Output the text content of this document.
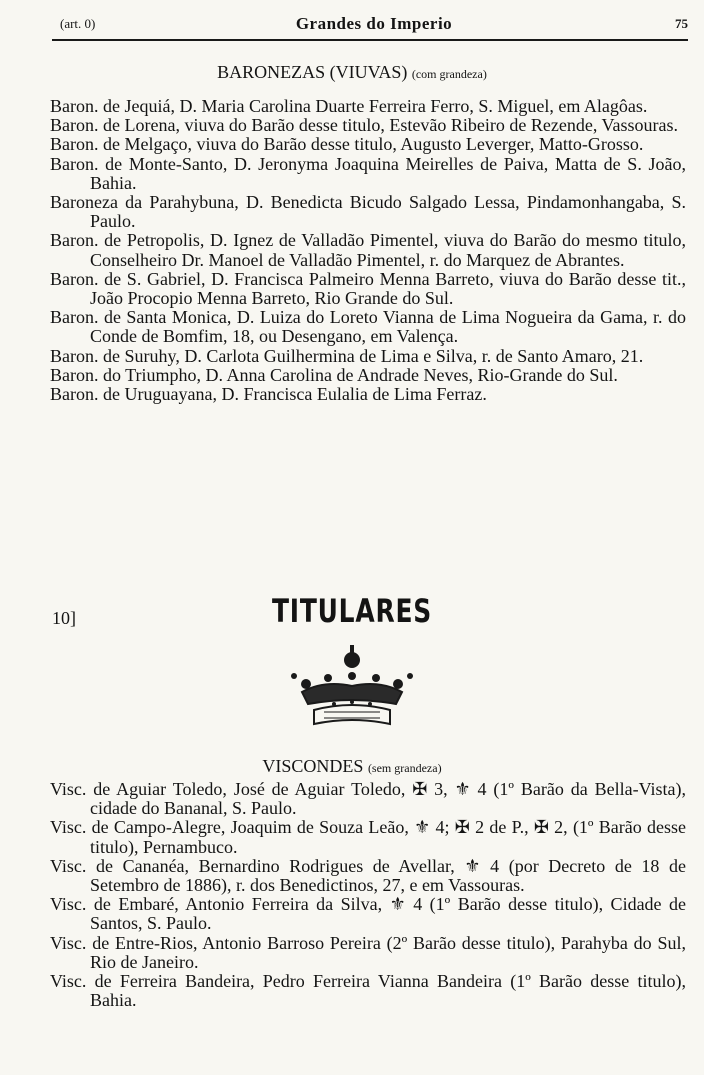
(art. 0)	Grandes do Imperio	75
BARONEZAS (VIUVAS) (com grandeza)

Baron. de Jequiá, D. Maria Carolina Duarte Ferreira Ferro, S. Miguel, em Alagôas.

Baron. de Lorena, viuva do Barão desse titulo, Estevão Ribeiro de Rezende, Vassouras.

Baron. de Melgaço, viuva do Barão desse titulo, Augusto Leverger, Matto-Grosso.

Baron. de Monte-Santo, D. Jeronyma Joaquina Meirelles de Paiva, Matta de S. João, Bahia.

Baroneza da Parahybuna, D. Benedicta Bicudo Salgado Lessa, Pindamonhangaba, S. Paulo.

Baron. de Petropolis, D. Ignez de Valladão Pimentel, viuva do Barão do mesmo titulo, Conselheiro Dr. Manoel de Valladão Pimentel, r. do Marquez de Abrantes.

Baron. de S. Gabriel, D. Francisca Palmeiro Menna Barreto, viuva do Barão desse tit., João Procopio Menna Barreto, Rio Grande do Sul.

Baron. de Santa Monica, D. Luiza do Loreto Vianna de Lima Nogueira da Gama, r. do Conde de Bomfim, 18, ou Desengano, em Valença.

Baron. de Suruhy, D. Carlota Guilhermina de Lima e Silva, r. de Santo Amaro, 21.

Baron. do Triumpho, D. Anna Carolina de Andrade Neves, Rio-Grande do Sul.

Baron. de Uruguayana, D. Francisca Eulalia de Lima Ferraz.

10]	TITULARES
VISCONDES (sem grandeza)

Visc. de Aguiar Toledo, José de Aguiar Toledo, ✠ 3, ⚜ 4 (1º Barão da Bella-Vista), cidade do Bananal, S. Paulo.

Visc. de Campo-Alegre, Joaquim de Souza Leão, ⚜ 4; ✠ 2 de P., ✠ 2, (1º Barão desse titulo), Pernambuco.

Visc. de Cananéa, Bernardino Rodrigues de Avellar, ⚜ 4 (por Decreto de 18 de Setembro de 1886), r. dos Benedictinos, 27, e em Vassouras.

Visc. de Embaré, Antonio Ferreira da Silva, ⚜ 4 (1º Barão desse titulo), Cidade de Santos, S. Paulo.

Visc. de Entre-Rios, Antonio Barroso Pereira (2º Barão desse titulo), Parahyba do Sul, Rio de Janeiro.

Visc. de Ferreira Bandeira, Pedro Ferreira Vianna Bandeira (1º Barão desse titulo), Bahia.
